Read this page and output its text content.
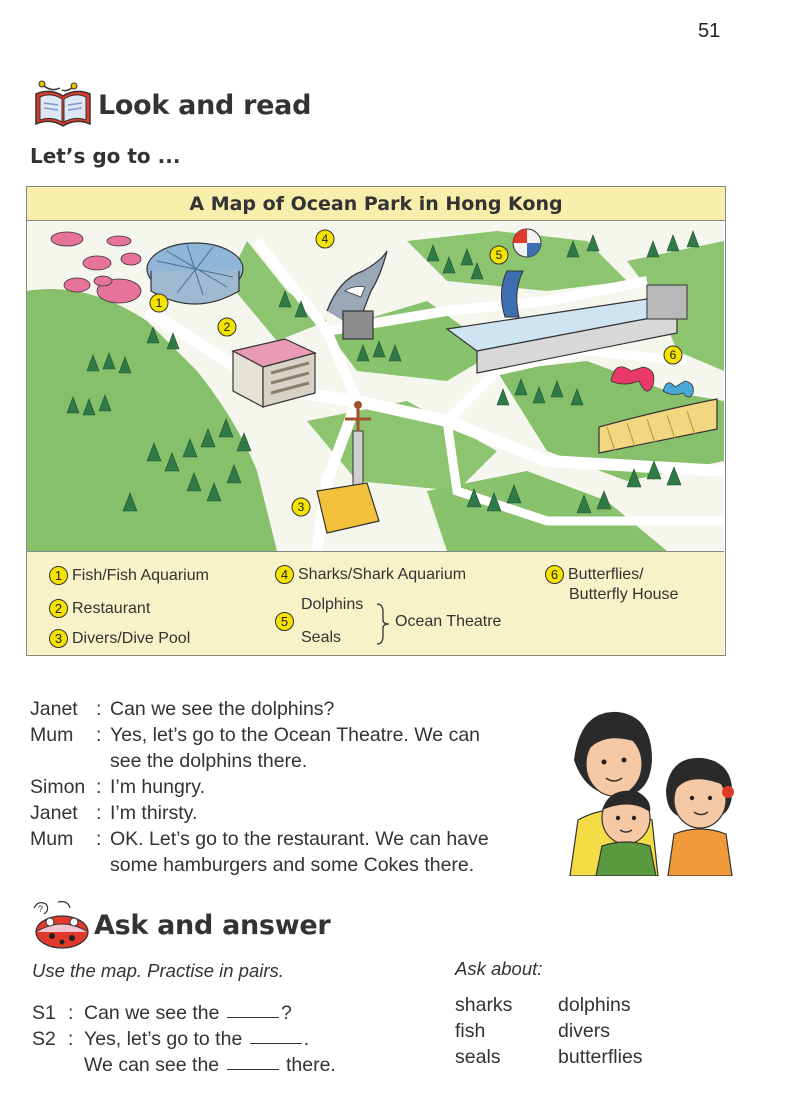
51
Look and read
Let’s go to ...
A Map of Ocean Park in Hong Kong
1
2
3
4
5
6
1 Fish/Fish Aquarium
2 Restaurant
3 Divers/Dive Pool
4 Sharks/Shark Aquarium
5
Dolphins
Seals
Ocean Theatre
6 Butterflies/
Butterfly House
Janet : Can we see the dolphins?
Mum	: Yes, let’s go to the Ocean Theatre. We can
see the dolphins there.
Simon : I’m hungry.
Janet : I’m thirsty.
Mum	: OK. Let’s go to the restaurant. We can have
some hamburgers and some Cokes there.
?
Ask and answer
Use the map. Practise in pairs.	Ask about:
S1 : Can we see the
	?
S2 : Yes, let’s go to the
	.
We can see the

	there.
sharks	dolphins
fish	divers
seals	butterflies
